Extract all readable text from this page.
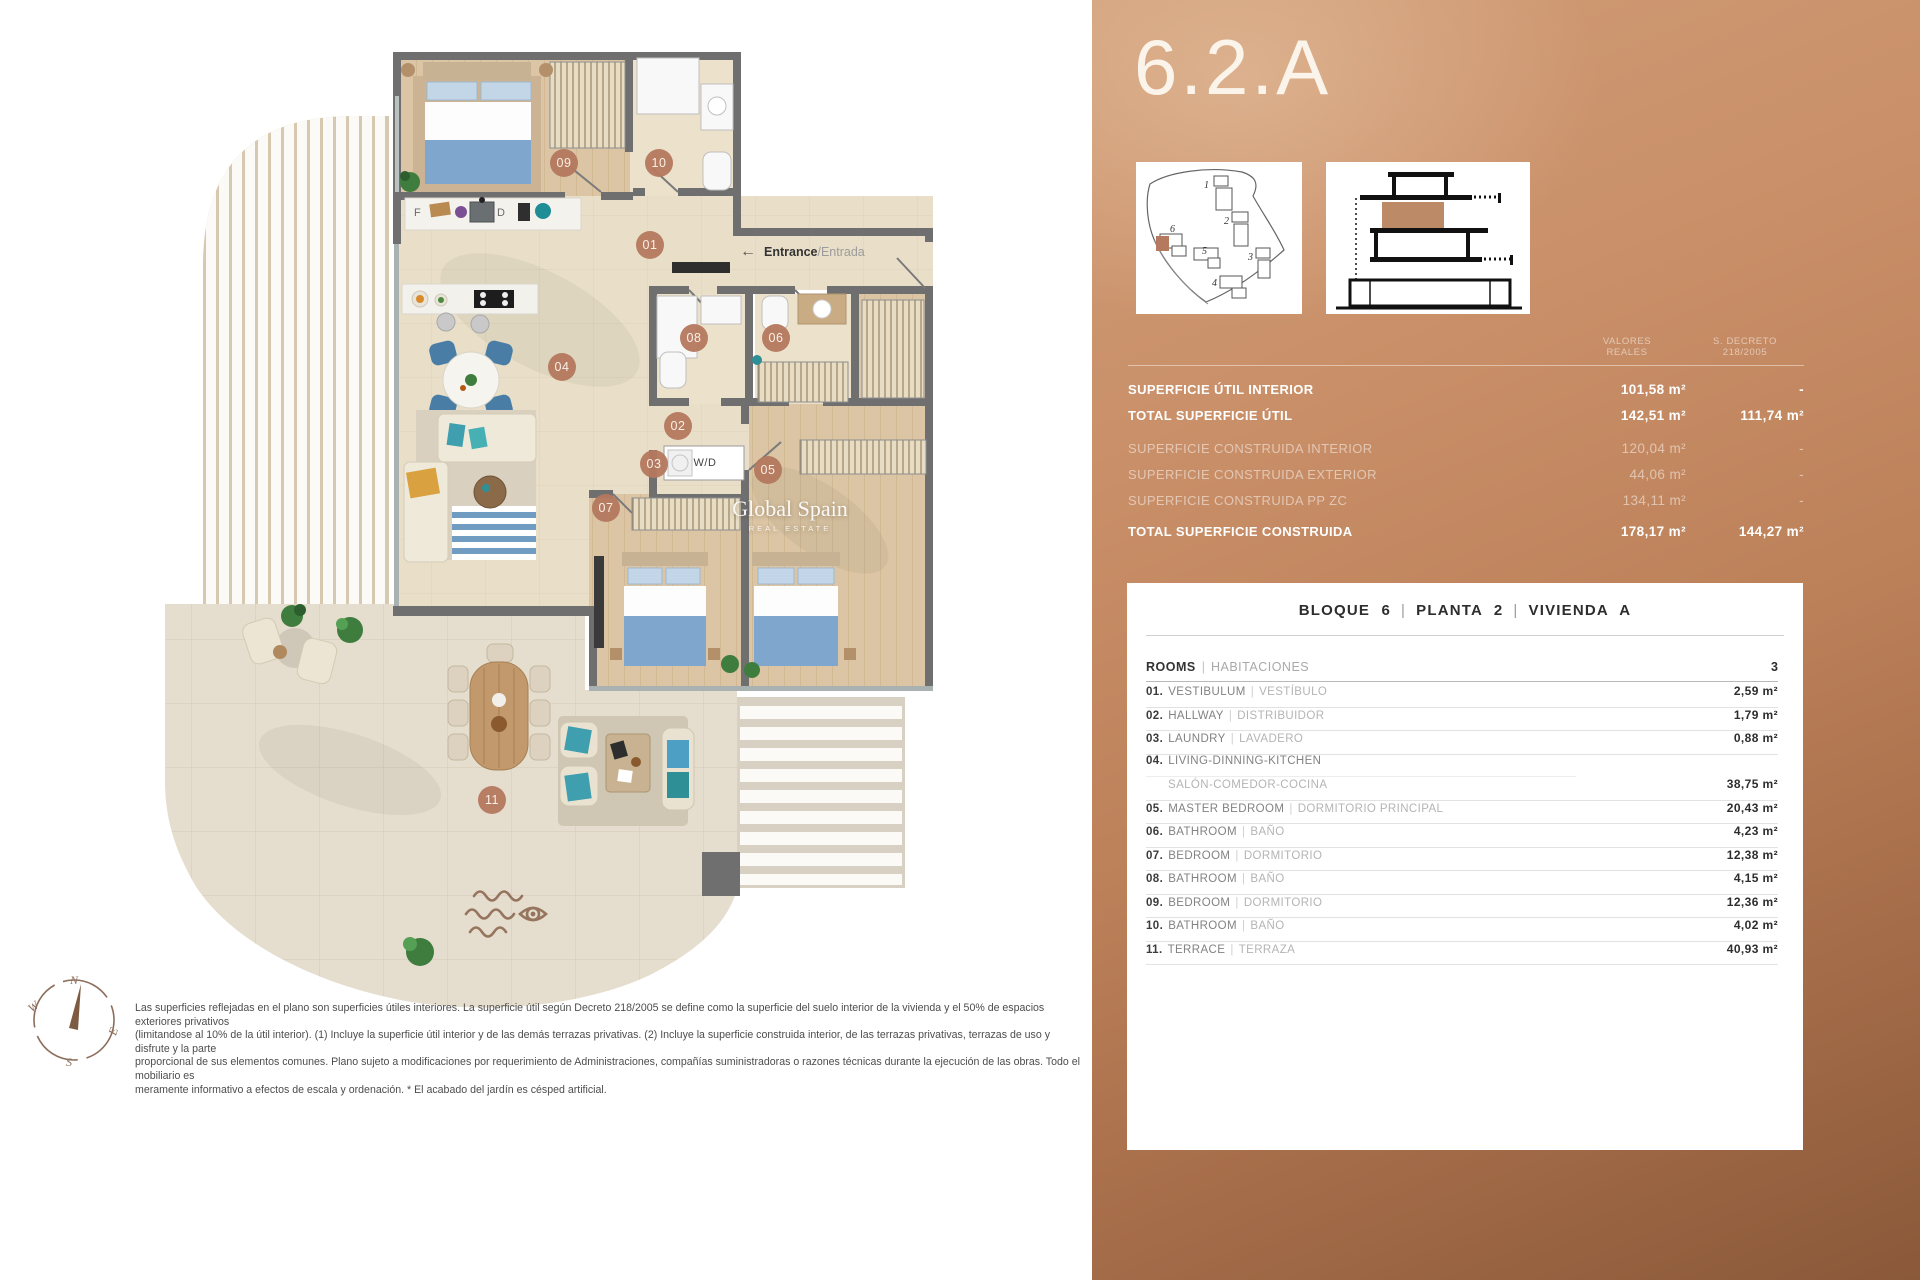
01
02
03
04
05
06
07
08
09	10
11
F	D
W/D
← Entrance /Entrada
Global Spain
REAL ESTATE
N
W
E
S
Las superficies reflejadas en el plano son superficies útiles interiores. La superficie útil según Decreto 218/2005 se define como la superficie del suelo interior de la vivienda y el 50% de espacios exteriores privativos
(limitandose al 10% de la útil interior). (1) Incluye la superficie útil interior y de las demás terrazas privativas. (2) Incluye la superficie construida interior, de las terrazas privativas, terrazas de uso y disfrute y la parte
proporcional de sus elementos comunes. Plano sujeto a modificaciones por requerimiento de Administraciones, compañías suministradoras o razones técnicas durante la ejecución de las obras. Todo el mobiliario es
meramente informativo a efectos de escala y ordenación. * El acabado del jardín es césped artificial.
6.2.A
1
2
3
4
5
6
VALORES
REALES
S. DECRETO
218/2005
SUPERFICIE ÚTIL INTERIOR	101,58 m²	-
TOTAL SUPERFICIE ÚTIL	142,51 m²	111,74 m²
SUPERFICIE CONSTRUIDA INTERIOR	120,04 m²	-
SUPERFICIE CONSTRUIDA EXTERIOR	44,06 m²	-
SUPERFICIE CONSTRUIDA PP ZC	134,11 m²	-
TOTAL SUPERFICIE CONSTRUIDA	178,17 m²	144,27 m²
BLOQUE 6 | PLANTA 2 | VIVIENDA A
ROOMS | HABITACIONES	3
01. VESTIBULUM | VESTÍBULO	2,59 m²
02. HALLWAY | DISTRIBUIDOR	1,79 m²
03. LAUNDRY | LAVADERO	0,88 m²
04. LIVING-DINNING-KITCHEN
SALÓN-COMEDOR-COCINA	38,75 m²
05. MASTER BEDROOM | DORMITORIO PRINCIPAL	20,43 m²
06. BATHROOM | BAÑO	4,23 m²
07. BEDROOM | DORMITORIO	12,38 m²
08. BATHROOM | BAÑO	4,15 m²
09. BEDROOM | DORMITORIO	12,36 m²
10. BATHROOM | BAÑO	4,02 m²
11. TERRACE | TERRAZA	40,93 m²
